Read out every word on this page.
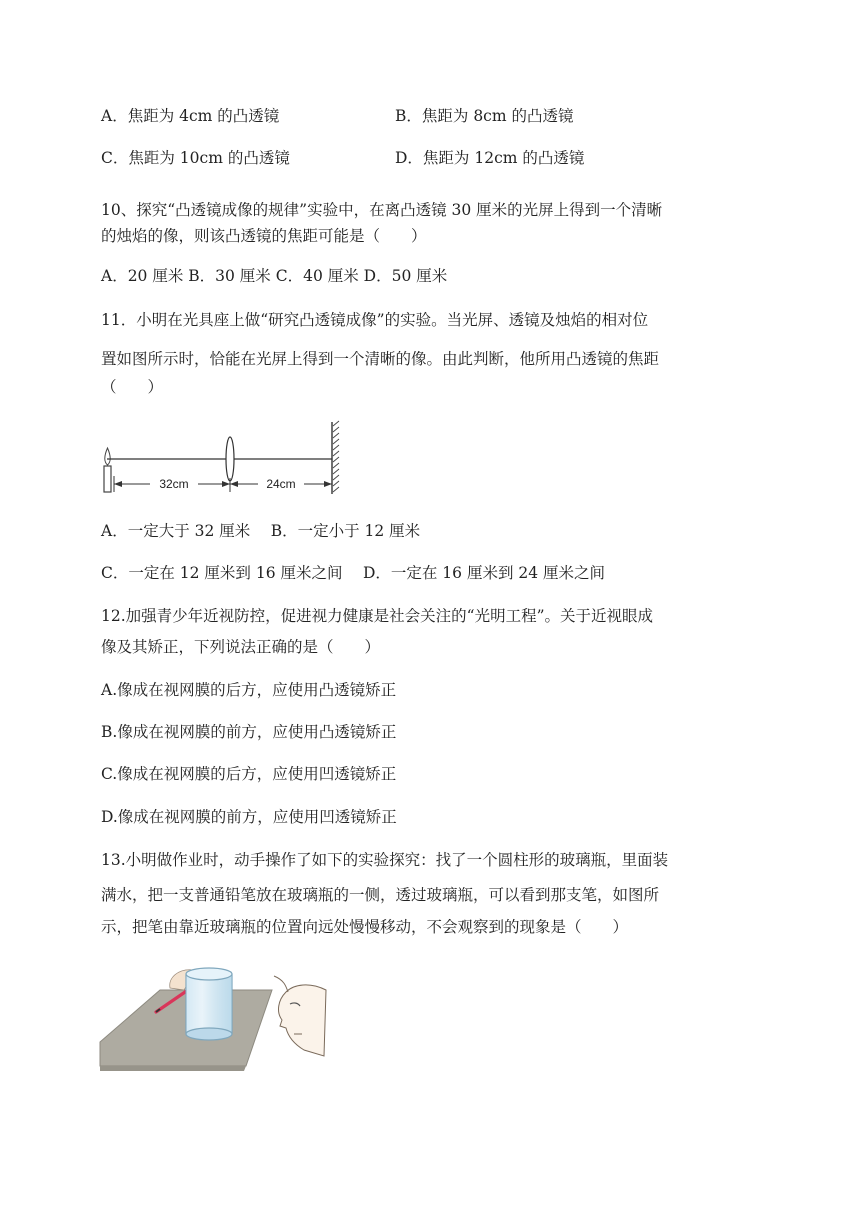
A．焦距为 4cm 的凸透镜	B．焦距为 8cm 的凸透镜
C．焦距为 10cm 的凸透镜	D．焦距为 12cm 的凸透镜
10、探究“凸透镜成像的规律”实验中，在离凸透镜 30 厘米的光屏上得到一个清晰
的烛焰的像，则该凸透镜的焦距可能是（　　）
A．20 厘米 B．30 厘米 C．40 厘米 D．50 厘米
11．小明在光具座上做“研究凸透镜成像”的实验。当光屏、透镜及烛焰的相对位
置如图所示时，恰能在光屏上得到一个清晰的像。由此判断，他所用凸透镜的焦距
（　　）
32cm	24cm
A．一定大于 32 厘米　 B．一定小于 12 厘米
C．一定在 12 厘米到 16 厘米之间　 D．一定在 16 厘米到 24 厘米之间
12.加强青少年近视防控，促进视力健康是社会关注的“光明工程”。关于近视眼成
像及其矫正，下列说法正确的是（　　）
A.像成在视网膜的后方，应使用凸透镜矫正
B.像成在视网膜的前方，应使用凸透镜矫正
C.像成在视网膜的后方，应使用凹透镜矫正
D.像成在视网膜的前方，应使用凹透镜矫正
13.小明做作业时，动手操作了如下的实验探究：找了一个圆柱形的玻璃瓶，里面装
满水，把一支普通铅笔放在玻璃瓶的一侧，透过玻璃瓶，可以看到那支笔，如图所
示，把笔由靠近玻璃瓶的位置向远处慢慢移动，不会观察到的现象是（　　）
